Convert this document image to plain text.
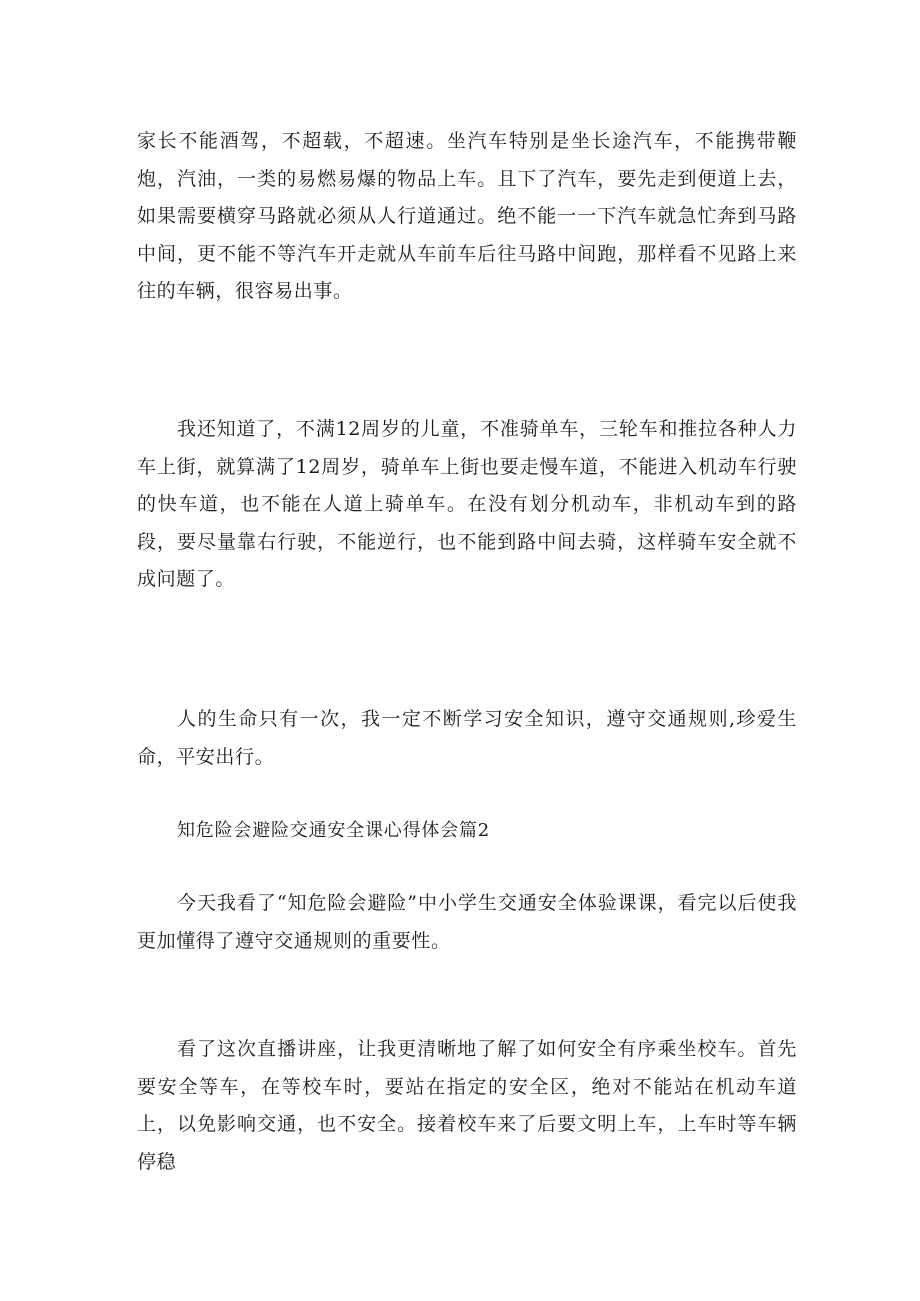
家长不能酒驾，不超载，不超速。坐汽车特别是坐长途汽车，不能携带鞭炮，汽油，一类的易燃易爆的物品上车。且下了汽车，要先走到便道上去，如果需要横穿马路就必须从人行道通过。绝不能一一下汽车就急忙奔到马路中间，更不能不等汽车开走就从车前车后往马路中间跑，那样看不见路上来往的车辆，很容易出事。

我还知道了，不满12周岁的儿童，不准骑单车，三轮车和推拉各种人力车上街，就算满了12周岁，骑单车上街也要走慢车道，不能进入机动车行驶的快车道，也不能在人道上骑单车。在没有划分机动车，非机动车到的路段，要尽量靠右行驶，不能逆行，也不能到路中间去骑，这样骑车安全就不成问题了。

人的生命只有一次，我一定不断学习安全知识，遵守交通规则,珍爱生命，平安出行。

知危险会避险交通安全课心得体会篇2

今天我看了“知危险会避险”中小学生交通安全体验课课，看完以后使我更加懂得了遵守交通规则的重要性。

看了这次直播讲座，让我更清晰地了解了如何安全有序乘坐校车。首先要安全等车，在等校车时，要站在指定的安全区，绝对不能站在机动车道上，以免影响交通，也不安全。接着校车来了后要文明上车，上车时等车辆停稳
